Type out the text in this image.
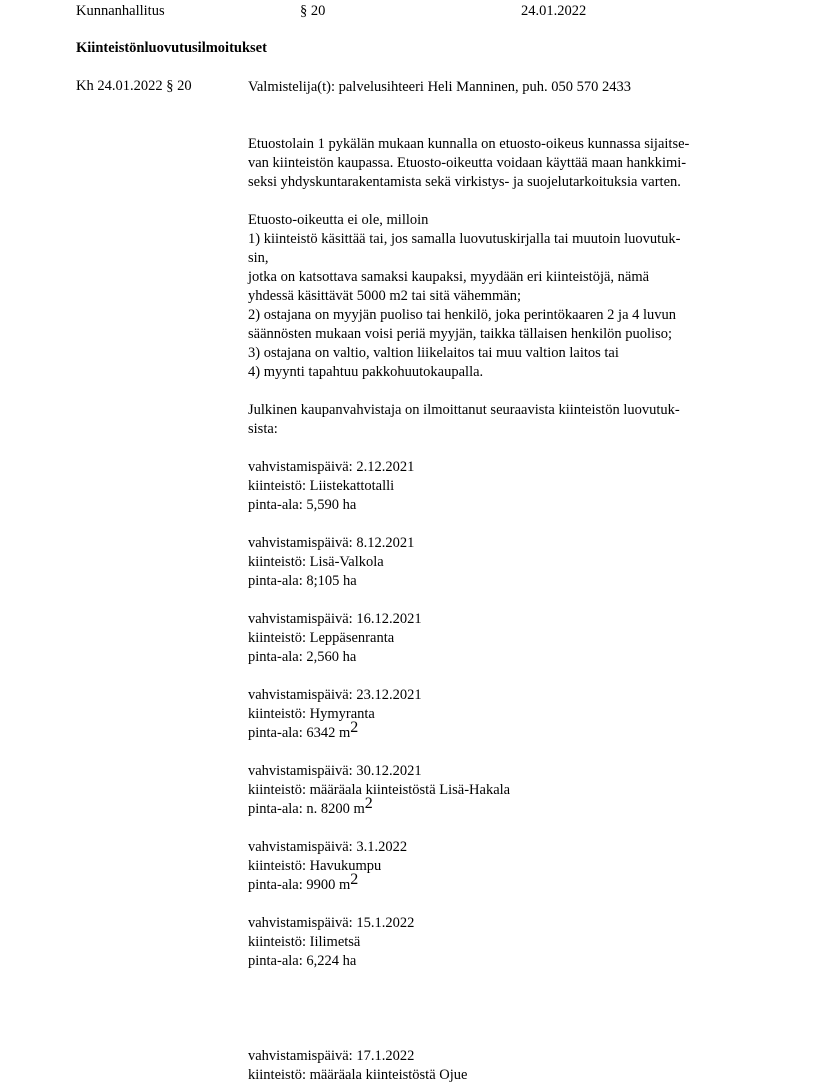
Kunnanhallitus	§ 20	24.01.2022
Kiinteistönluovutusilmoitukset
Kh 24.01.2022 § 20	Valmistelija(t): palvelusihteeri Heli Manninen, puh. 050 570 2433
Etuostolain 1 pykälän mukaan kunnalla on etuosto-oikeus kunnassa sijaitse-
van kiinteistön kaupassa. Etuosto-oikeutta voidaan käyttää maan hankkimi-
seksi yhdyskuntarakentamista sekä virkistys- ja suojelutarkoituksia varten.
Etuosto-oikeutta ei ole, milloin
1) kiinteistö käsittää tai, jos samalla luovutuskirjalla tai muutoin luovutuk-
sin,
jotka on katsottava samaksi kaupaksi, myydään eri kiinteistöjä, nämä
yhdessä käsittävät 5000 m2 tai sitä vähemmän;
2) ostajana on myyjän puoliso tai henkilö, joka perintökaaren 2 ja 4 luvun
säännösten mukaan voisi periä myyjän, taikka tällaisen henkilön puoliso;
3) ostajana on valtio, valtion liikelaitos tai muu valtion laitos tai
4) myynti tapahtuu pakkohuutokaupalla.
Julkinen kaupanvahvistaja on ilmoittanut seuraavista kiinteistön luovutuk-
sista:
vahvistamispäivä: 2.12.2021
kiinteistö: Liistekattotalli
pinta-ala: 5,590 ha
vahvistamispäivä: 8.12.2021
kiinteistö: Lisä-Valkola
pinta-ala: 8;105 ha
vahvistamispäivä: 16.12.2021
kiinteistö: Leppäsenranta
pinta-ala: 2,560 ha
vahvistamispäivä: 23.12.2021
kiinteistö: Hymyranta
pinta-ala: 6342 m2
vahvistamispäivä: 30.12.2021
kiinteistö: määräala kiinteistöstä Lisä-Hakala
pinta-ala: n. 8200 m2
vahvistamispäivä: 3.1.2022
kiinteistö: Havukumpu
pinta-ala: 9900 m2
vahvistamispäivä: 15.1.2022
kiinteistö: Iilimetsä
pinta-ala: 6,224 ha
vahvistamispäivä: 17.1.2022
kiinteistö: määräala kiinteistöstä Ojue
